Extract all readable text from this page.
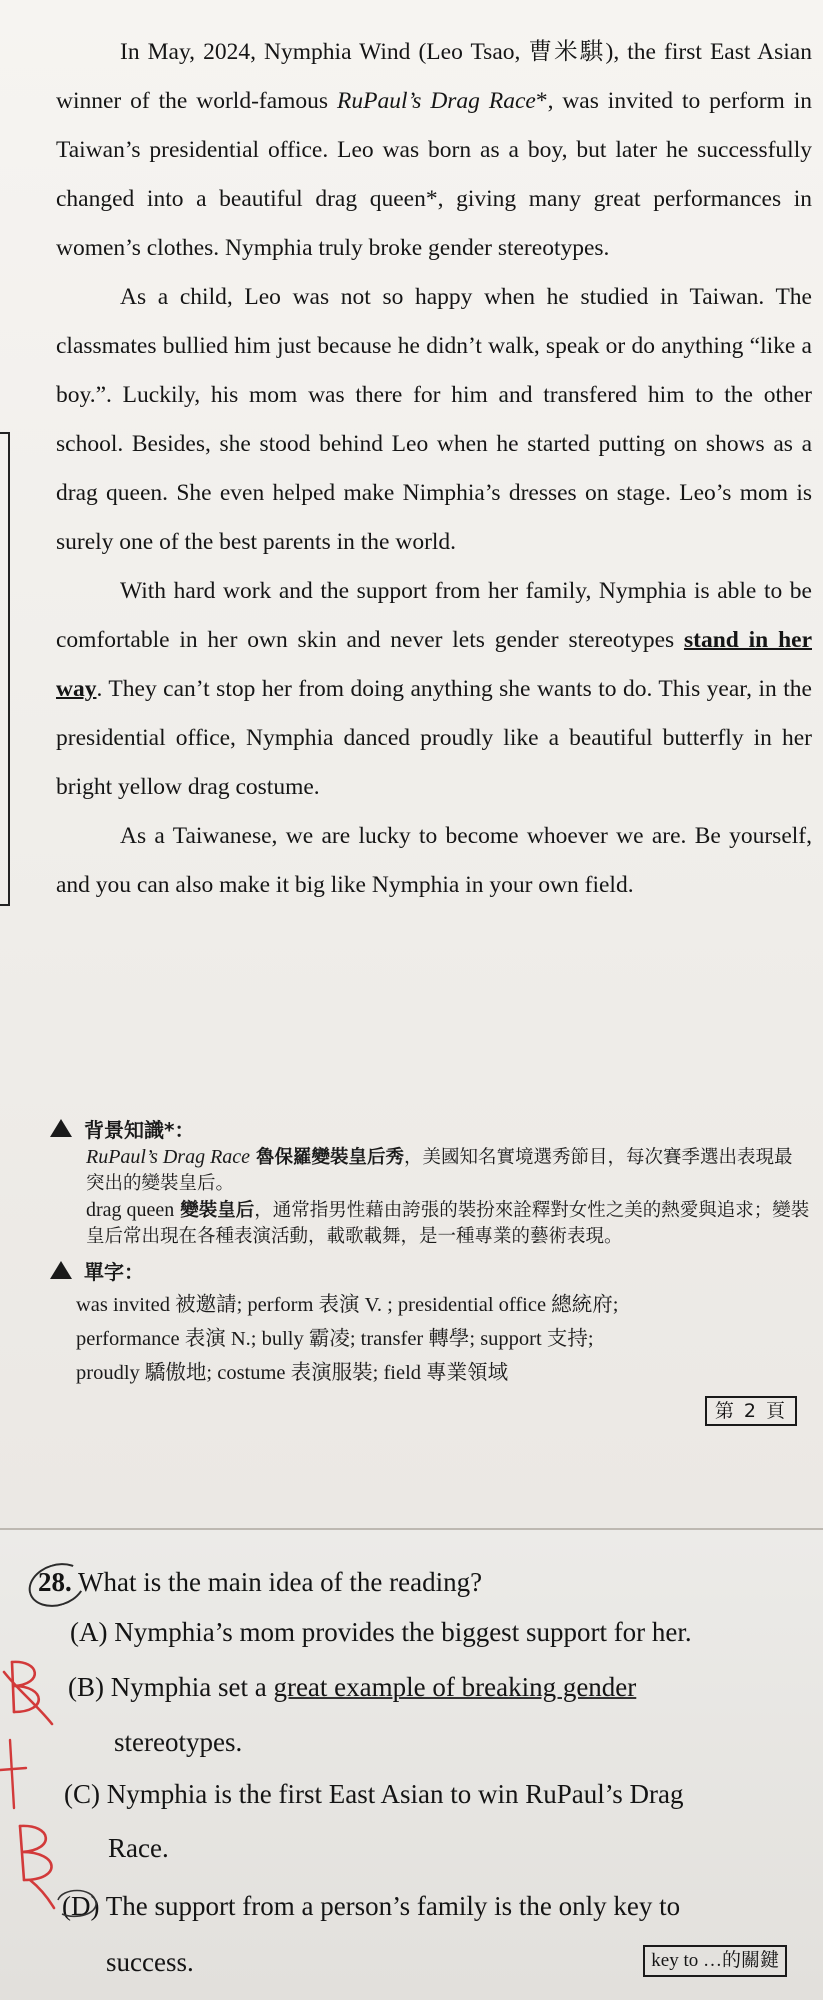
In May, 2024, Nymphia Wind (Leo Tsao, 曹米騏), the first East Asian winner of the world-famous RuPaul’s Drag Race*, was invited to perform in Taiwan’s presidential office. Leo was born as a boy, but later he successfully changed into a beautiful drag queen*, giving many great performances in women’s clothes. Nymphia truly broke gender stereotypes.

As a child, Leo was not so happy when he studied in Taiwan. The classmates bullied him just because he didn’t walk, speak or do anything “like a boy.”. Luckily, his mom was there for him and transfered him to the other school. Besides, she stood behind Leo when he started putting on shows as a drag queen. She even helped make Nimphia’s dresses on stage. Leo’s mom is surely one of the best parents in the world.

With hard work and the support from her family, Nymphia is able to be comfortable in her own skin and never lets gender stereotypes stand in her way. They can’t stop her from doing anything she wants to do. This year, in the presidential office, Nymphia danced proudly like a beautiful butterfly in her bright yellow drag costume.

As a Taiwanese, we are lucky to become whoever we are. Be yourself, and you can also make it big like Nymphia in your own field.

背景知識*：
RuPaul’s Drag Race 魯保羅變裝皇后秀，美國知名實境選秀節目，每次賽季選出表現最突出的變裝皇后。
drag queen 變裝皇后，通常指男性藉由誇張的裝扮來詮釋對女性之美的熱愛與追求；變裝皇后常出現在各種表演活動，載歌載舞，是一種專業的藝術表現。
單字：
was invited 被邀請; perform 表演 V. ; presidential office 總統府;
performance 表演 N.; bully 霸凌; transfer 轉學; support 支持;
proudly 驕傲地; costume 表演服裝; field 專業領域
第 2 頁
28. What is the main idea of the reading?
(A) Nymphia’s mom provides the biggest support for her.
(B) Nymphia set a great example of breaking gender
stereotypes.
(C) Nymphia is the first East Asian to win RuPaul’s Drag
Race.
(D) The support from a person’s family is the only key to
success.	key to …的關鍵
